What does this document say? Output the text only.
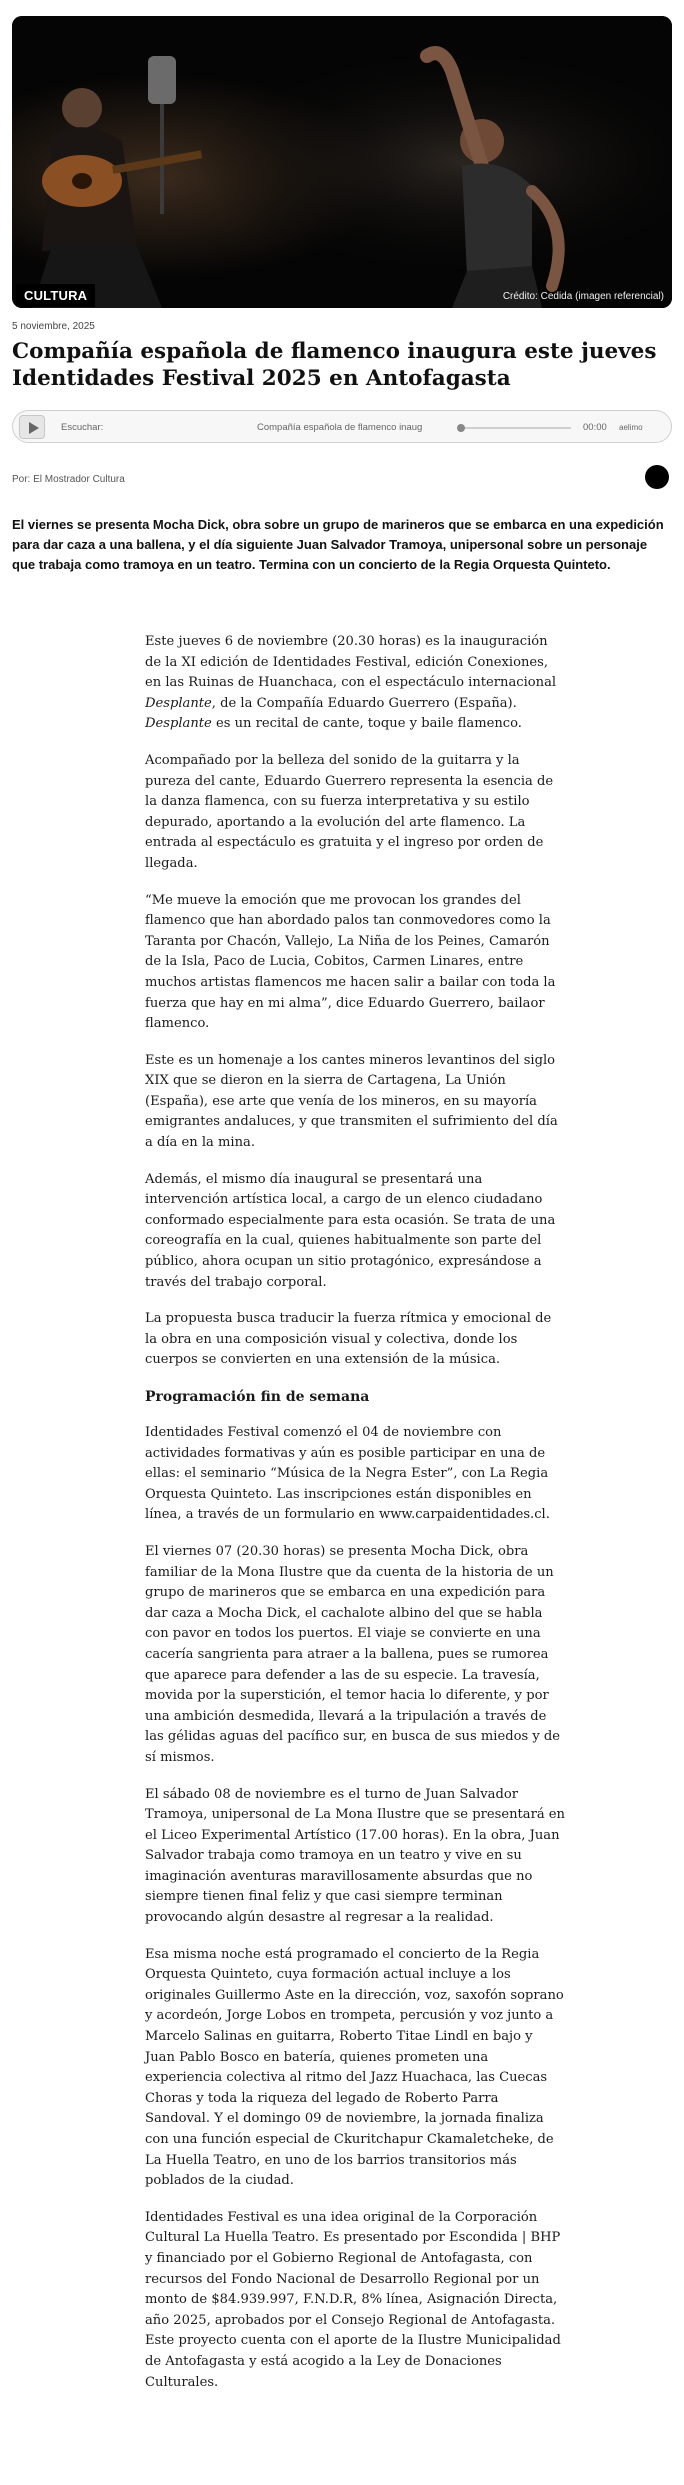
CULTURA	Crédito: Cedida (imagen referencial)
5 noviembre, 2025
Compañía española de flamenco inaugura este jueves Identidades Festival 2025 en Antofagasta
Escuchar:	Compañía española de flamenco inaug	00:00 aelimo
Por: El Mostrador Cultura

El viernes se presenta Mocha Dick, obra sobre un grupo de marineros que se embarca en una expedición para dar caza a una ballena, y el día siguiente Juan Salvador Tramoya, unipersonal sobre un personaje que trabaja como tramoya en un teatro. Termina con un concierto de la Regia Orquesta Quinteto.

Este jueves 6 de noviembre (20.30 horas) es la inauguración de la XI edición de Identidades Festival, edición Conexiones, en las Ruinas de Huanchaca, con el espectáculo internacional Desplante, de la Compañía Eduardo Guerrero (España). Desplante es un recital de cante, toque y baile flamenco.

Acompañado por la belleza del sonido de la guitarra y la pureza del cante, Eduardo Guerrero representa la esencia de la danza flamenca, con su fuerza interpretativa y su estilo depurado, aportando a la evolución del arte flamenco. La entrada al espectáculo es gratuita y el ingreso por orden de llegada.

“Me mueve la emoción que me provocan los grandes del flamenco que han abordado palos tan conmovedores como la Taranta por Chacón, Vallejo, La Niña de los Peines, Camarón de la Isla, Paco de Lucia, Cobitos, Carmen Linares, entre muchos artistas flamencos me hacen salir a bailar con toda la fuerza que hay en mi alma”, dice Eduardo Guerrero, bailaor flamenco.

Este es un homenaje a los cantes mineros levantinos del siglo XIX que se dieron en la sierra de Cartagena, La Unión (España), ese arte que venía de los mineros, en su mayoría emigrantes andaluces, y que transmiten el sufrimiento del día a día en la mina.

Además, el mismo día inaugural se presentará una intervención artística local, a cargo de un elenco ciudadano conformado especialmente para esta ocasión. Se trata de una coreografía en la cual, quienes habitualmente son parte del público, ahora ocupan un sitio protagónico, expresándose a través del trabajo corporal.

La propuesta busca traducir la fuerza rítmica y emocional de la obra en una composición visual y colectiva, donde los cuerpos se convierten en una extensión de la música.

Programación fin de semana

Identidades Festival comenzó el 04 de noviembre con actividades formativas y aún es posible participar en una de ellas: el seminario “Música de la Negra Ester”, con La Regia Orquesta Quinteto. Las inscripciones están disponibles en línea, a través de un formulario en www.carpaidentidades.cl.

El viernes 07 (20.30 horas) se presenta Mocha Dick, obra familiar de la Mona Ilustre que da cuenta de la historia de un grupo de marineros que se embarca en una expedición para dar caza a Mocha Dick, el cachalote albino del que se habla con pavor en todos los puertos. El viaje se convierte en una cacería sangrienta para atraer a la ballena, pues se rumorea que aparece para defender a las de su especie. La travesía, movida por la superstición, el temor hacia lo diferente, y por una ambición desmedida, llevará a la tripulación a través de las gélidas aguas del pacífico sur, en busca de sus miedos y de sí mismos.

El sábado 08 de noviembre es el turno de Juan Salvador Tramoya, unipersonal de La Mona Ilustre que se presentará en el Liceo Experimental Artístico (17.00 horas). En la obra, Juan Salvador trabaja como tramoya en un teatro y vive en su imaginación aventuras maravillosamente absurdas que no siempre tienen final feliz y que casi siempre terminan provocando algún desastre al regresar a la realidad.

Esa misma noche está programado el concierto de la Regia Orquesta Quinteto, cuya formación actual incluye a los originales Guillermo Aste en la dirección, voz, saxofón soprano y acordeón, Jorge Lobos en trompeta, percusión y voz junto a Marcelo Salinas en guitarra, Roberto Titae Lindl en bajo y Juan Pablo Bosco en batería, quienes prometen una experiencia colectiva al ritmo del Jazz Huachaca, las Cuecas Choras y toda la riqueza del legado de Roberto Parra Sandoval. Y el domingo 09 de noviembre, la jornada finaliza con una función especial de Ckuritchapur Ckamaletcheke, de La Huella Teatro, en uno de los barrios transitorios más poblados de la ciudad.

Identidades Festival es una idea original de la Corporación Cultural La Huella Teatro. Es presentado por Escondida | BHP y financiado por el Gobierno Regional de Antofagasta, con recursos del Fondo Nacional de Desarrollo Regional por un monto de $84.939.997, F.N.D.R, 8% línea, Asignación Directa, año 2025, aprobados por el Consejo Regional de Antofagasta. Este proyecto cuenta con el aporte de la Ilustre Municipalidad de Antofagasta y está acogido a la Ley de Donaciones Culturales.
